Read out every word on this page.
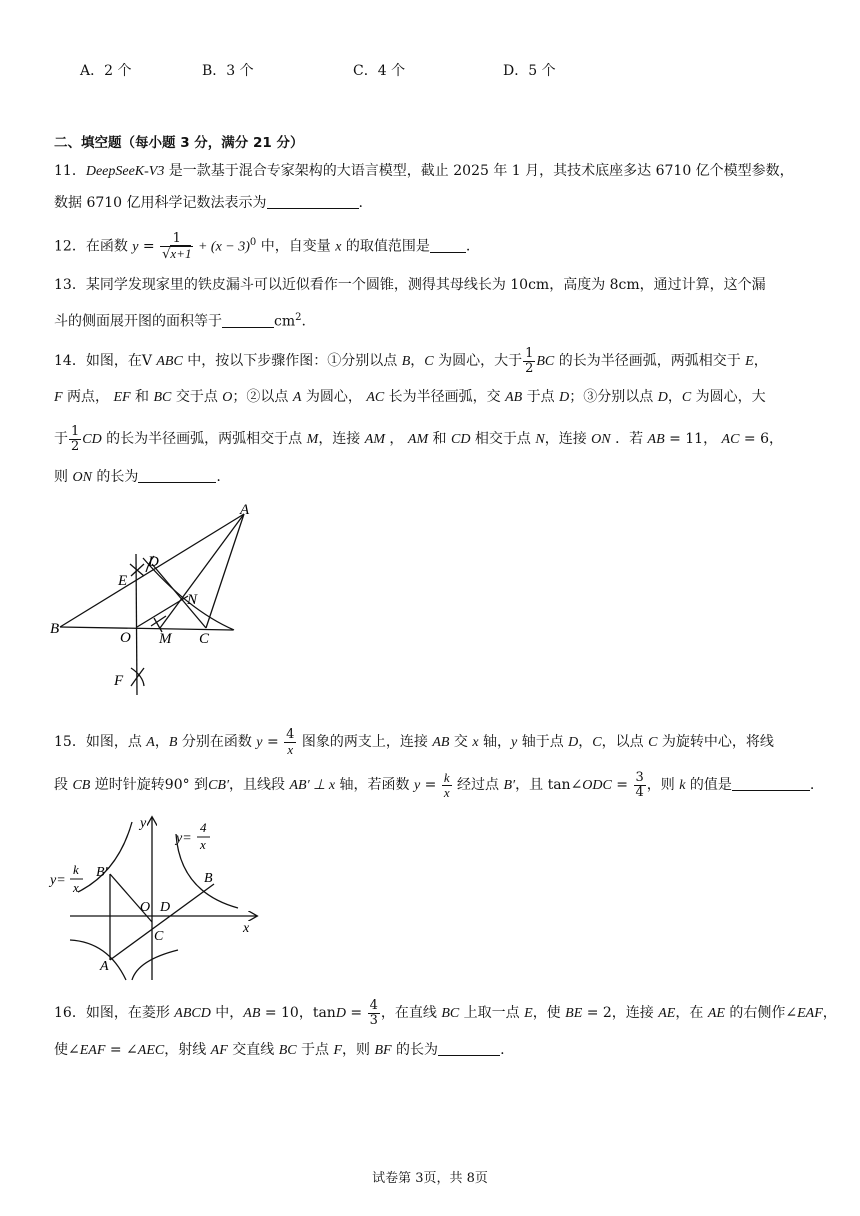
A．2 个	B．3 个	C．4 个	D．5 个
二、填空题（每小题 3 分，满分 21 分）
11．DeepSeeK-V3 是一款基于混合专家架构的大语言模型，截止 2025 年 1 月，其技术底座多达 6710 亿个模型参数，
数据 6710 亿用科学记数法表示为	.
12．在函数 $y = \frac{1}{√x+1} + (x - 3)^0$ 中，自变量 x 的取值范围是	.
13．某同学发现家里的铁皮漏斗可以近似看作一个圆锥，测得其母线长为 10cm，高度为 8cm，通过计算，这个漏
斗的侧面展开图的面积等于	$cm^2$.
14．如图，在V ABC 中，按以下步骤作图：①分别以点 B，C 为圆心，大于 $\frac{1}{2}$ BC 的长为半径画弧，两弧相交于 E，
F 两点， EF 和 BC 交于点 O；②以点 A 为圆心， AC 长为半径画弧，交 AB 于点 D；③分别以点 D，C 为圆心，大
于 $\frac{1}{2}$ CD 的长为半径画弧，两弧相交于点 M，连接 AM ， AM 和 CD 相交于点 N，连接 ON ．若 AB = 11， AC = 6，
则 ON 的长为	.
A
B
C
D
E
F
N
O M
15．如图，点 A，B 分别在函数 $y = \frac{4}{x}$ 图象的两支上，连接 AB 交 x 轴，y 轴于点 D，C，以点 C 为旋转中心，将线
段 CB 逆时针旋转90° 到CB′，且线段 AB′ ⊥ x 轴，若函数 $y = \frac{k}{x}$ 经过点 B′，且 tan∠ODC = $\frac{3}{4}$ ，则 k 的值是	.
y
x
y=
4
x
y=
k
x
A
B
B′
C
D
O
16．如图，在菱形 ABCD 中，AB = 10，$\tan D = \frac{4}{3}$ ，在直线 BC 上取一点 E，使 BE = 2，连接 AE，在 AE 的右侧作∠EAF，
使∠EAF = ∠AEC，射线 AF 交直线 BC 于点 F，则 BF 的长为	.
试卷第 3页，共 8页
